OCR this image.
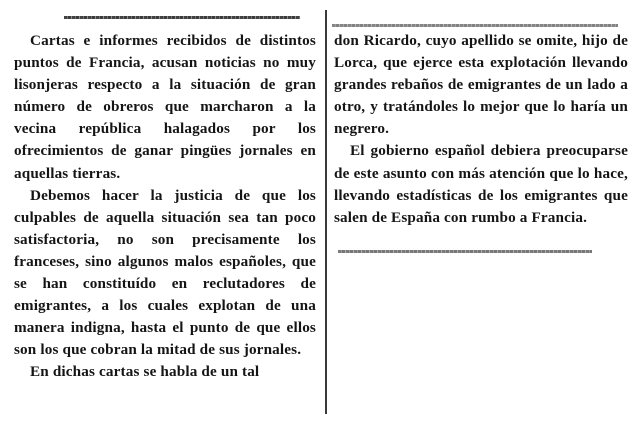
Cartas e informes recibidos de distintos puntos de Francia, acusan noticias no muy lisonjeras respecto a la situación de gran número de obreros que marcharon a la vecina república halagados por los ofrecimientos de ganar pingües jornales en aquellas tierras.

Debemos hacer la justicia de que los culpables de aquella situación sea tan poco satisfactoria, no son precisamente los franceses, sino algunos malos españoles, que se han constituído en reclutadores de emigrantes, a los cuales explotan de una manera indigna, hasta el punto de que ellos son los que cobran la mitad de sus jornales.

En dichas cartas se habla de un tal

don Ricardo, cuyo apellido se omite, hijo de Lorca, que ejerce esta explotación llevando grandes rebaños de emigrantes de un lado a otro, y tratándoles lo mejor que lo haría un negrero.

El gobierno español debiera preocuparse de este asunto con más atención que lo hace, llevando estadísticas de los emigrantes que salen de España con rumbo a Francia.
